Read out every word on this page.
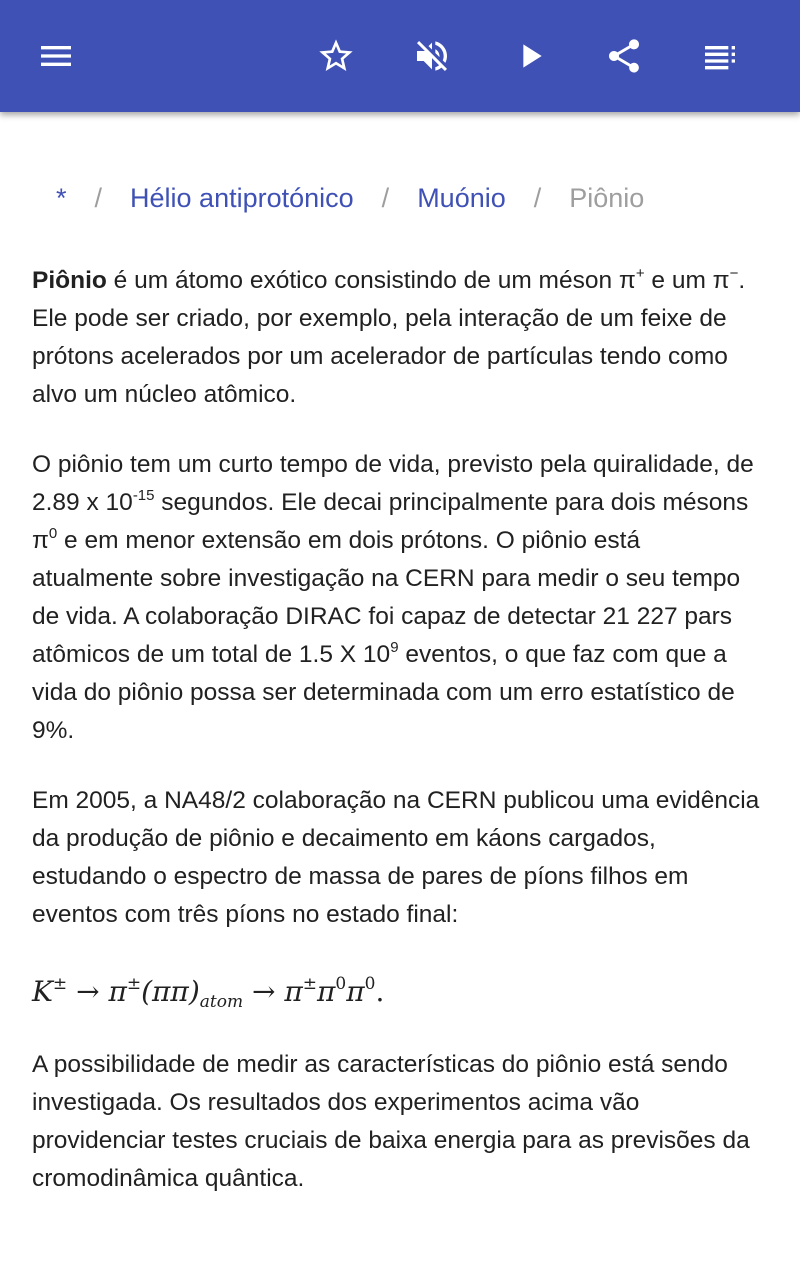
* / Hélio antiprotónico / Muónio / Piônio

Piônio é um átomo exótico consistindo de um méson π+ e um π−. Ele pode ser criado, por exemplo, pela interação de um feixe de prótons acelerados por um acelerador de partículas tendo como alvo um núcleo atômico.

O piônio tem um curto tempo de vida, previsto pela quiralidade, de 2.89 x $10^{-15}$ segundos. Ele decai principalmente para dois mésons $\pi^0$ e em menor extensão em dois prótons. O piônio está atualmente sobre investigação na CERN para medir o seu tempo de vida. A colaboração DIRAC foi capaz de detectar 21 227 pars atômicos de um total de 1.5 X $10^9$ eventos, o que faz com que a vida do piônio possa ser determinada com um erro estatístico de 9%.

Em 2005, a NA48/2 colaboração na CERN publicou uma evidência da produção de piônio e decaimento em káons cargados, estudando o espectro de massa de pares de píons filhos em eventos com três píons no estado final:

$K^\pm \to \pi^\pm(\pi\pi)_{atom} \to \pi^\pm\pi^0\pi^0$.

A possibilidade de medir as características do piônio está sendo investigada. Os resultados dos experimentos acima vão providenciar testes cruciais de baixa energia para as previsões da cromodinâmica quântica.
